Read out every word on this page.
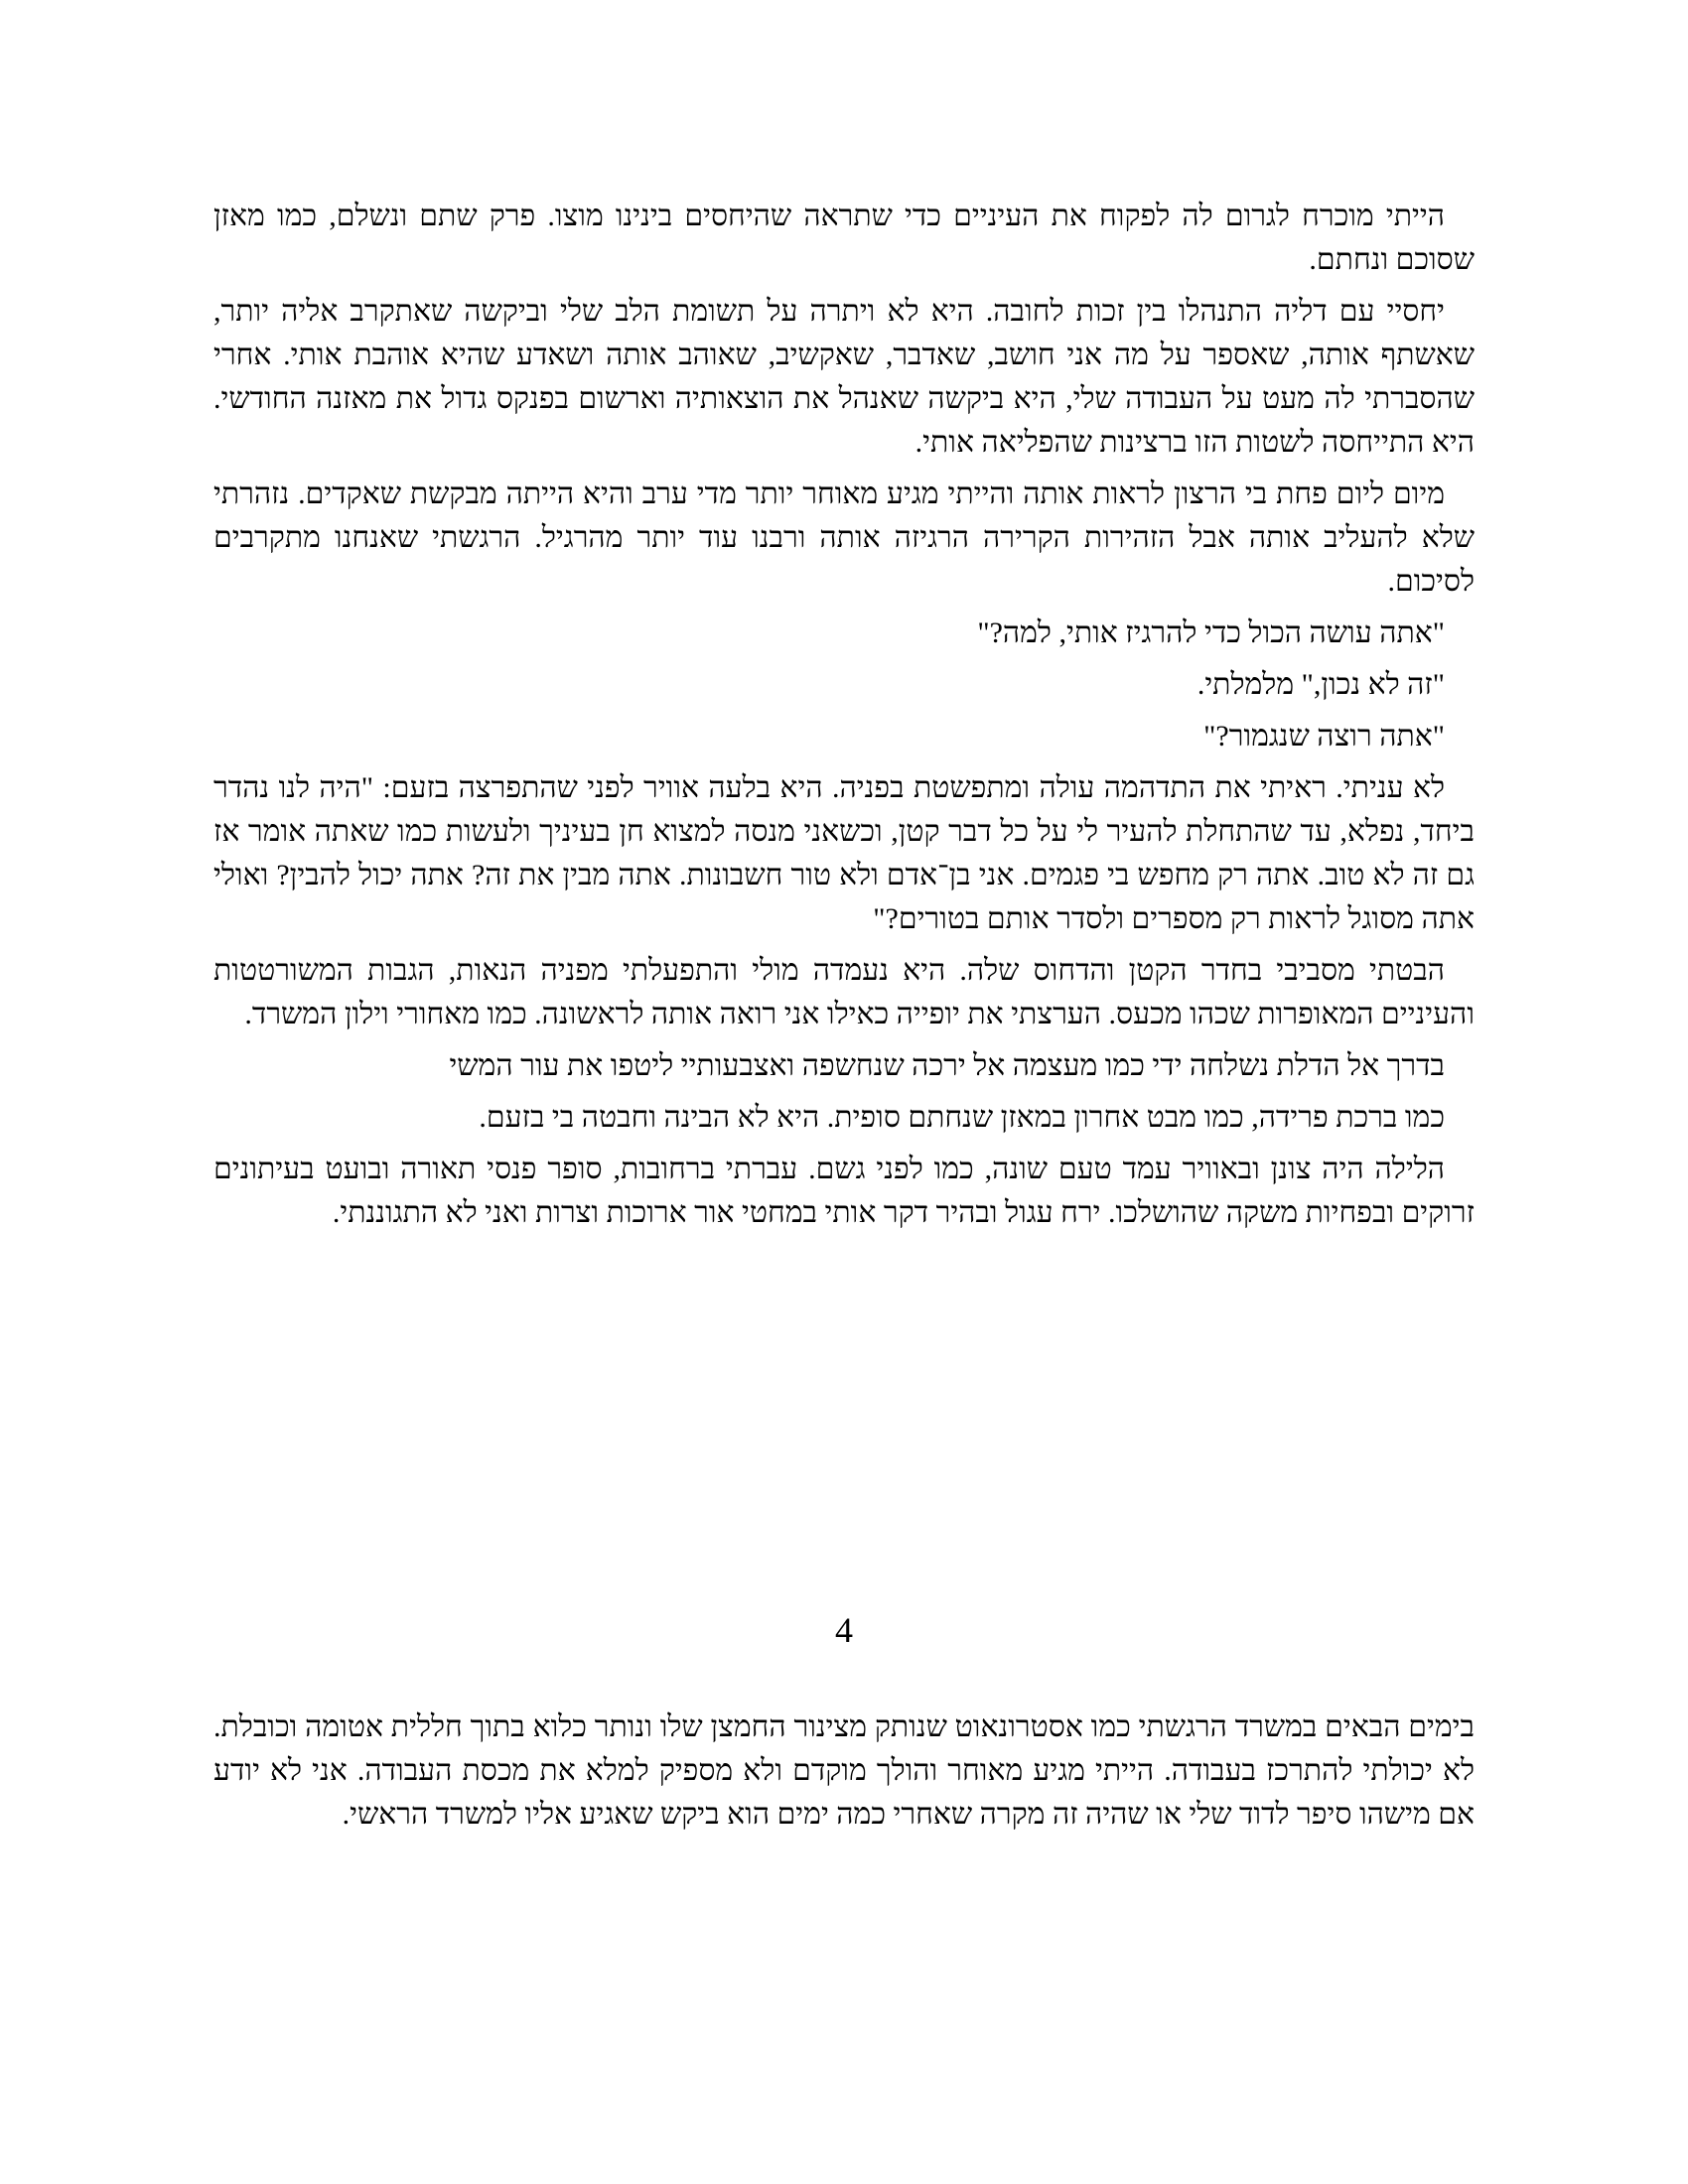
הייתי מוכרח לגרום לה לפקוח את העיניים כדי שתראה שהיחסים בינינו מוצו. פרק שתם ונשלם, כמו מאזן שסוכם ונחתם.

יחסיי עם דליה התנהלו בין זכות לחובה. היא לא ויתרה על תשומת הלב שלי וביקשה שאתקרב אליה יותר, שאשתף אותה, שאספר על מה אני חושב, שאדבר, שאקשיב, שאוהב אותה ושאדע שהיא אוהבת אותי. אחרי שהסברתי לה מעט על העבודה שלי, היא ביקשה שאנהל את הוצאותיה וארשום בפנקס גדול את מאזנה החודשי. היא התייחסה לשטות הזו ברצינות שהפליאה אותי.

מיום ליום פחת בי הרצון לראות אותה והייתי מגיע מאוחר יותר מדי ערב והיא הייתה מבקשת שאקדים. נזהרתי שלא להעליב אותה אבל הזהירות הקרירה הרגיזה אותה ורבנו עוד יותר מהרגיל. הרגשתי שאנחנו מתקרבים לסיכום.

"אתה עושה הכול כדי להרגיז אותי, למה?"

"זה לא נכון," מלמלתי.

"אתה רוצה שנגמור?"

לא עניתי. ראיתי את התדהמה עולה ומתפשטת בפניה. היא בלעה אוויר לפני שהתפרצה בזעם: "היה לנו נהדר ביחד, נפלא, עד שהתחלת להעיר לי על כל דבר קטן, וכשאני מנסה למצוא חן בעיניך ולעשות כמו שאתה אומר אז גם זה לא טוב. אתה רק מחפש בי פגמים. אני בן־אדם ולא טור חשבונות. אתה מבין את זה? אתה יכול להבין? ואולי אתה מסוגל לראות רק מספרים ולסדר אותם בטורים?"

הבטתי מסביבי בחדר הקטן והדחוס שלה. היא נעמדה מולי והתפעלתי מפניה הנאות, הגבות המשורטטות והעיניים המאופרות שכהו מכעס. הערצתי את יופייה כאילו אני רואה אותה לראשונה. כמו מאחורי וילון המשרד.

בדרך אל הדלת נשלחה ידי כמו מעצמה אל ירכה שנחשפה ואצבעותיי ליטפו את עור המשי

כמו ברכת פרידה, כמו מבט אחרון במאזן שנחתם סופית. היא לא הבינה וחבטה בי בזעם.

הלילה היה צונן ובאוויר עמד טעם שונה, כמו לפני גשם. עברתי ברחובות, סופר פנסי תאורה ובועט בעיתונים זרוקים ובפחיות משקה שהושלכו. ירח עגול ובהיר דקר אותי במחטי אור ארוכות וצרות ואני לא התגוננתי.

4

בימים הבאים במשרד הרגשתי כמו אסטרונאוט שנותק מצינור החמצן שלו ונותר כלוא בתוך חללית אטומה וכובלת. לא יכולתי להתרכז בעבודה. הייתי מגיע מאוחר והולך מוקדם ולא מספיק למלא את מכסת העבודה. אני לא יודע אם מישהו סיפר לדוד שלי או שהיה זה מקרה שאחרי כמה ימים הוא ביקש שאגיע אליו למשרד הראשי.
